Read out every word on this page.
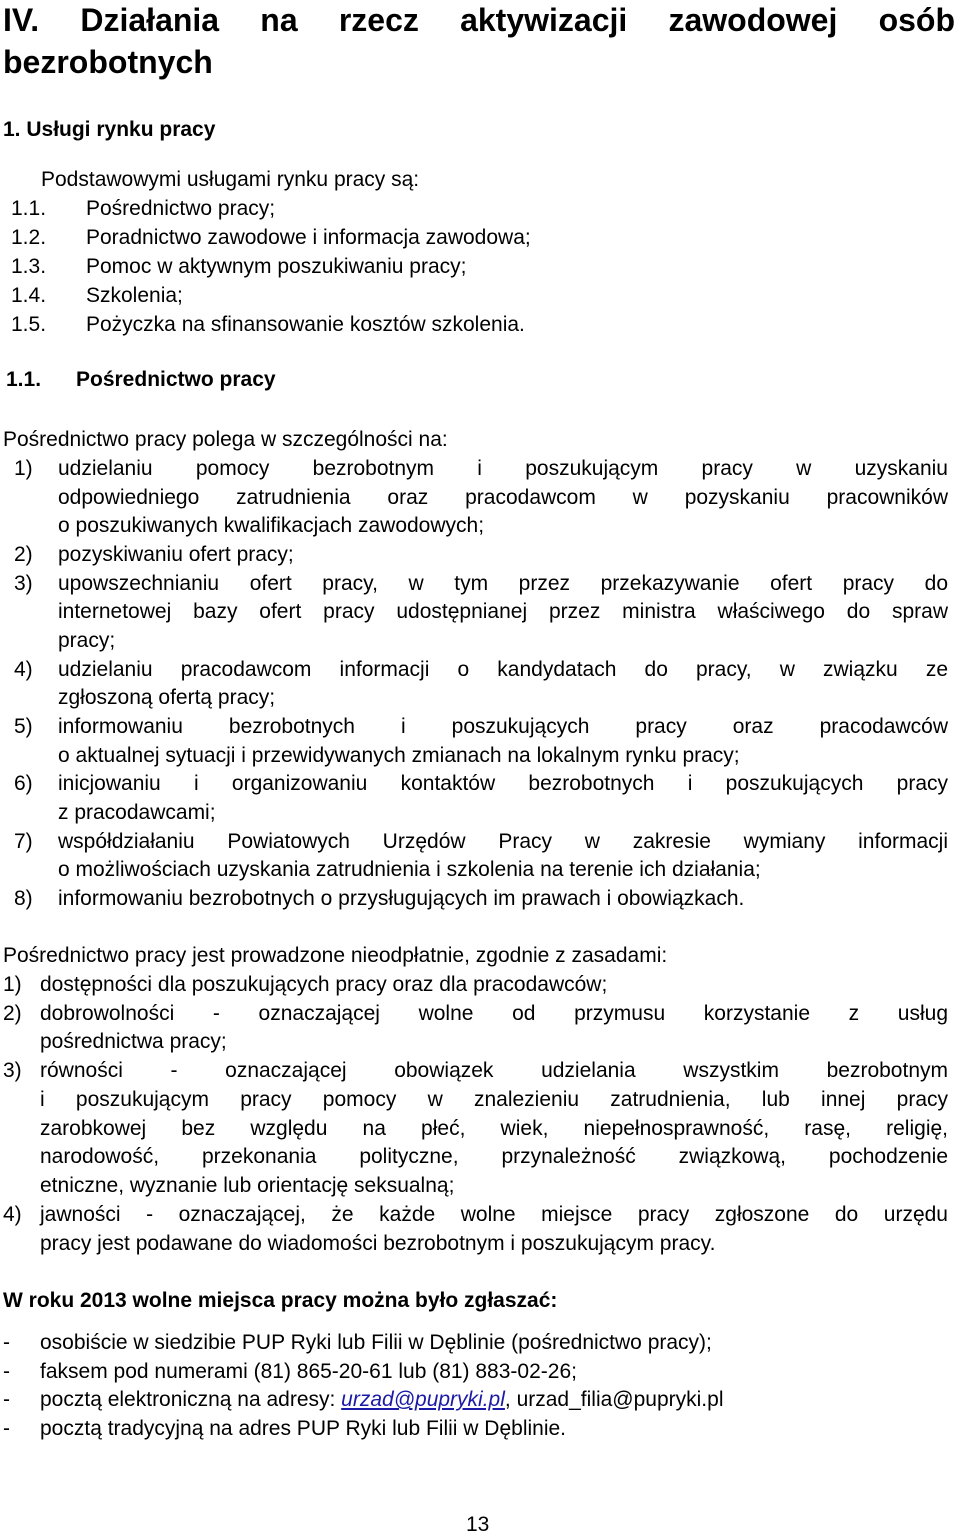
IV. Działania na rzecz aktywizacji zawodowej osób
bezrobotnych
1. Usługi rynku pracy
Podstawowymi usługami rynku pracy są:
1.1. Pośrednictwo pracy;
1.2. Poradnictwo zawodowe i informacja zawodowa;
1.3. Pomoc w aktywnym poszukiwaniu pracy;
1.4. Szkolenia;
1.5. Pożyczka na sfinansowanie kosztów szkolenia.
1.1. Pośrednictwo pracy
Pośrednictwo pracy polega w szczególności na:
1) udzielaniu pomocy bezrobotnym i poszukującym pracy w uzyskaniu
odpowiedniego zatrudnienia oraz pracodawcom w pozyskaniu pracowników
o poszukiwanych kwalifikacjach zawodowych;
2) pozyskiwaniu ofert pracy;
3) upowszechnianiu ofert pracy, w tym przez przekazywanie ofert pracy do
internetowej bazy ofert pracy udostępnianej przez ministra właściwego do spraw
pracy;
4) udzielaniu pracodawcom informacji o kandydatach do pracy, w związku ze
zgłoszoną ofertą pracy;
5) informowaniu bezrobotnych i poszukujących pracy oraz pracodawców
o aktualnej sytuacji i przewidywanych zmianach na lokalnym rynku pracy;
6) inicjowaniu i organizowaniu kontaktów bezrobotnych i poszukujących pracy
z pracodawcami;
7) współdziałaniu Powiatowych Urzędów Pracy w zakresie wymiany informacji
o możliwościach uzyskania zatrudnienia i szkolenia na terenie ich działania;
8) informowaniu bezrobotnych o przysługujących im prawach i obowiązkach.
Pośrednictwo pracy jest prowadzone nieodpłatnie, zgodnie z zasadami:
1) dostępności dla poszukujących pracy oraz dla pracodawców;
2) dobrowolności - oznaczającej wolne od przymusu korzystanie z usług
pośrednictwa pracy;
3) równości - oznaczającej obowiązek udzielania wszystkim bezrobotnym
i poszukującym pracy pomocy w znalezieniu zatrudnienia, lub innej pracy
zarobkowej bez względu na płeć, wiek, niepełnosprawność, rasę, religię,
narodowość, przekonania polityczne, przynależność związkową, pochodzenie
etniczne, wyznanie lub orientację seksualną;
4) jawności - oznaczającej, że każde wolne miejsce pracy zgłoszone do urzędu
pracy jest podawane do wiadomości bezrobotnym i poszukującym pracy.
W roku 2013 wolne miejsca pracy można było zgłaszać:
- osobiście w siedzibie PUP Ryki lub Filii w Dęblinie (pośrednictwo pracy);
- faksem pod numerami (81) 865-20-61 lub (81) 883-02-26;
- pocztą elektroniczną na adresy: urzad@pupryki.pl, urzad_filia@pupryki.pl
- pocztą tradycyjną na adres PUP Ryki lub Filii w Dęblinie.
13
